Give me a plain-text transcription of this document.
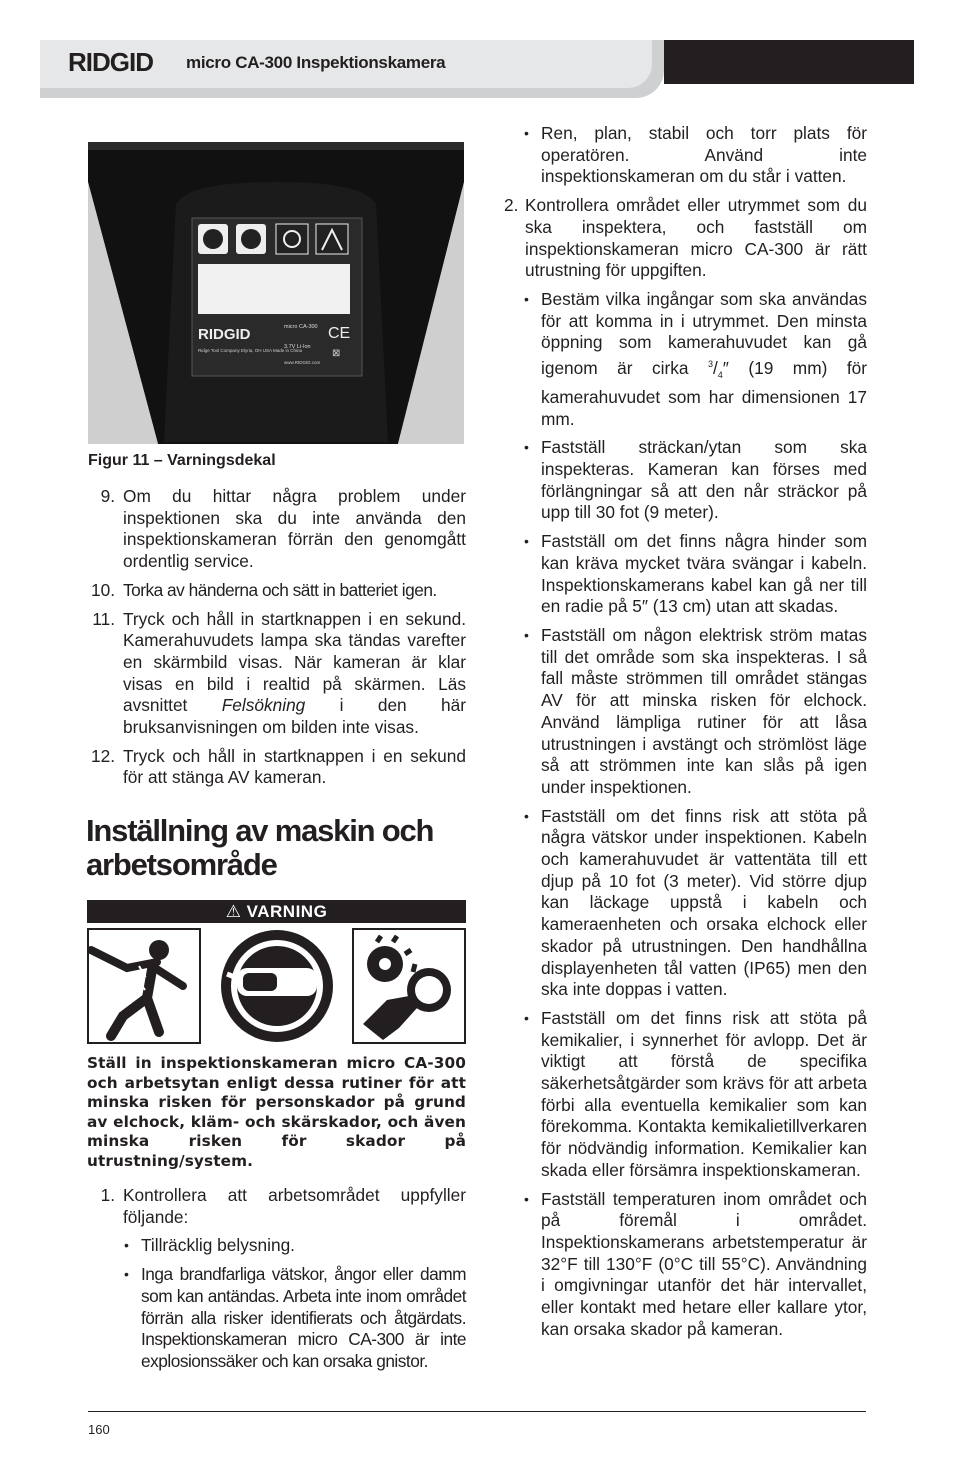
RIDGID micro CA-300 Inspektionskamera
RIDGID	micro CA-300
3.7V Li-Ion
Ridge Tool Company Elyria, OH USA Made in China
www.RIDGID.com
CE
⊠
Figur 11 – Varningsdekal

9. Om du hittar några problem under inspektionen ska du inte använda den inspektionskameran förrän den genomgått ordentlig service.

10. Torka av händerna och sätt in batteriet igen.

11. Tryck och håll in startknappen i en sekund. Kamerahuvudets lampa ska tändas varefter en skärmbild visas. När kameran är klar visas en bild i realtid på skärmen. Läs avsnittet Felsökning i den här bruksanvisningen om bilden inte visas.

12. Tryck och håll in startknappen i en sekund för att stänga AV kameran.

Inställning av maskin och arbetsområde
⚠ VARNING
Ställ in inspektionskameran micro CA-300 och arbetsytan enligt dessa rutiner för att minska risken för personskador på grund av elchock, kläm- och skärskador, och även minska risken för skador på utrustning/system.

1. Kontrollera att arbetsområdet uppfyller följande:

• Tillräcklig belysning.

• Inga brandfarliga vätskor, ångor eller damm som kan antändas. Arbeta inte inom området förrän alla risker identifierats och åtgärdats. Inspektionskameran micro CA-300 är inte explosionssäker och kan orsaka gnistor.

• Ren, plan, stabil och torr plats för operatören. Använd inte inspektionskameran om du står i vatten.

2. Kontrollera området eller utrymmet som du ska inspektera, och fastställ om inspektionskameran micro CA-300 är rätt utrustning för uppgiften.

• Bestäm vilka ingångar som ska användas för att komma in i utrymmet. Den minsta öppning som kamerahuvudet kan gå igenom är cirka $^3/_4''$ (19 mm) för kamerahuvudet som har dimensionen 17 mm.

• Fastställ sträckan/ytan som ska inspekteras. Kameran kan förses med förlängningar så att den når sträckor på upp till 30 fot (9 meter).

• Fastställ om det finns några hinder som kan kräva mycket tvära svängar i kabeln. Inspektionskamerans kabel kan gå ner till en radie på 5″ (13 cm) utan att skadas.

• Fastställ om någon elektrisk ström matas till det område som ska inspekteras. I så fall måste strömmen till området stängas AV för att minska risken för elchock. Använd lämpliga rutiner för att låsa utrustningen i avstängt och strömlöst läge så att strömmen inte kan slås på igen under inspektionen.

• Fastställ om det finns risk att stöta på några vätskor under inspektionen. Kabeln och kamerahuvudet är vattentäta till ett djup på 10 fot (3 meter). Vid större djup kan läckage uppstå i kabeln och kameraenheten och orsaka elchock eller skador på utrustningen. Den handhållna displayenheten tål vatten (IP65) men den ska inte doppas i vatten.

• Fastställ om det finns risk att stöta på kemikalier, i synnerhet för avlopp. Det är viktigt att förstå de specifika säkerhetsåtgärder som krävs för att arbeta förbi alla eventuella kemikalier som kan förekomma. Kontakta kemikalietillverkaren för nödvändig information. Kemikalier kan skada eller försämra inspektionskameran.

• Fastställ temperaturen inom området och på föremål i området. Inspektionskamerans arbetstemperatur är 32°F till 130°F (0°C till 55°C). Användning i omgivningar utanför det här intervallet, eller kontakt med hetare eller kallare ytor, kan orsaka skador på kameran.

160
